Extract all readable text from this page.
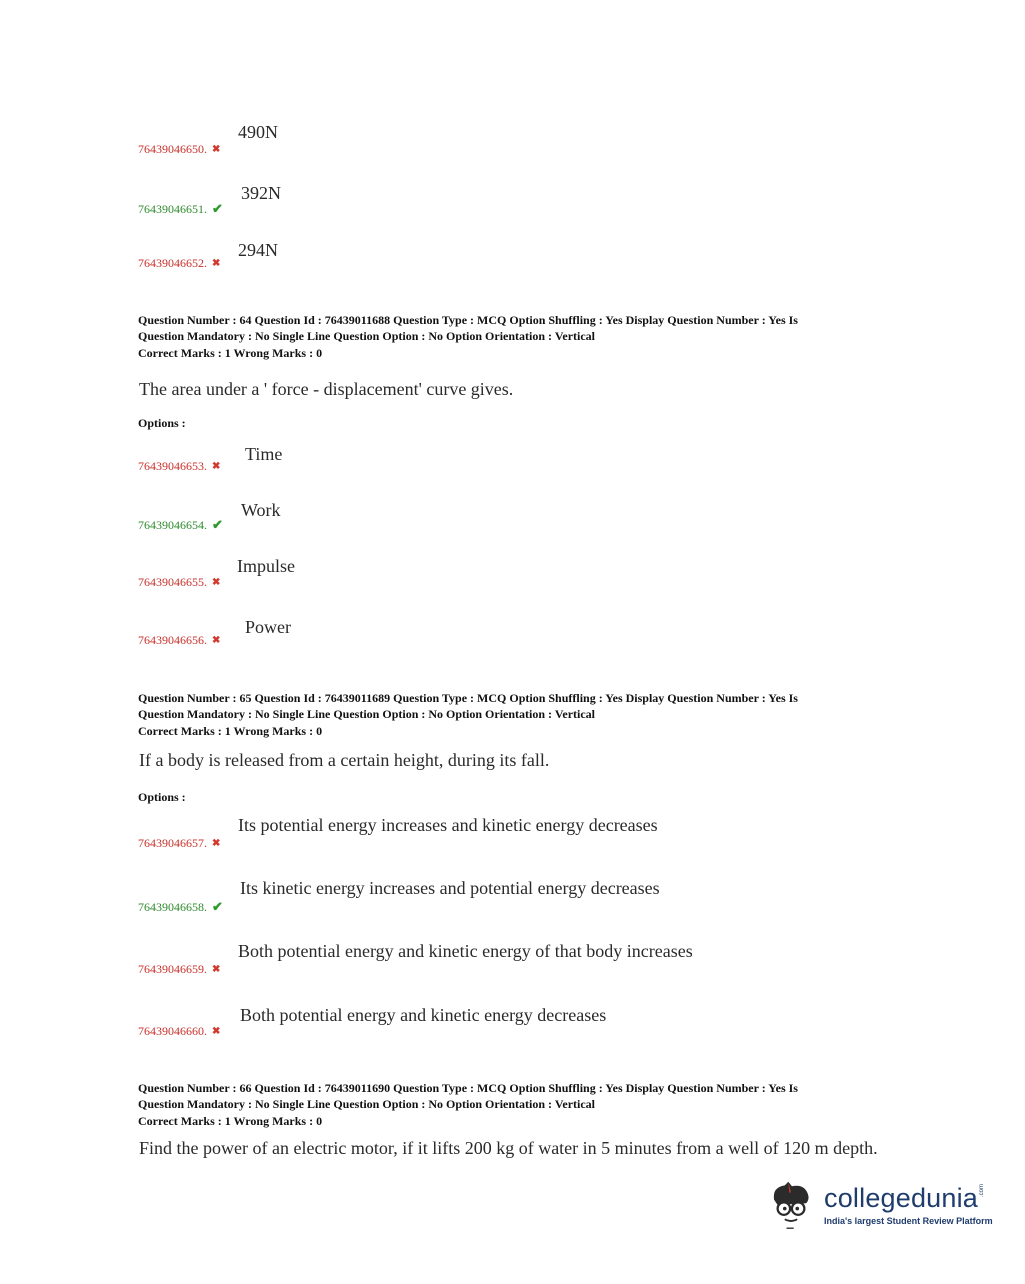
490N
76439046650. ✖
392N
76439046651. ✔
294N
76439046652. ✖
Question Number : 64 Question Id : 76439011688 Question Type : MCQ Option Shuffling : Yes Display Question Number : Yes Is
Question Mandatory : No Single Line Question Option : No Option Orientation : Vertical
Correct Marks : 1 Wrong Marks : 0
The area under a ' force - displacement' curve gives.
Options :
Time
76439046653. ✖
Work
76439046654. ✔
Impulse
76439046655. ✖
Power
76439046656. ✖
Question Number : 65 Question Id : 76439011689 Question Type : MCQ Option Shuffling : Yes Display Question Number : Yes Is
Question Mandatory : No Single Line Question Option : No Option Orientation : Vertical
Correct Marks : 1 Wrong Marks : 0
If a body is released from a certain height, during its fall.
Options :
Its potential energy increases and kinetic energy decreases
76439046657. ✖
Its kinetic energy increases and potential energy decreases
76439046658. ✔
Both potential energy and kinetic energy of that body increases
76439046659. ✖
Both potential energy and kinetic energy decreases
76439046660. ✖
Question Number : 66 Question Id : 76439011690 Question Type : MCQ Option Shuffling : Yes Display Question Number : Yes Is
Question Mandatory : No Single Line Question Option : No Option Orientation : Vertical
Correct Marks : 1 Wrong Marks : 0
Find the power of an electric motor, if it lifts 200 kg of water in 5 minutes from a well of 120 m depth.
collegedunia .com
India's largest Student Review Platform
